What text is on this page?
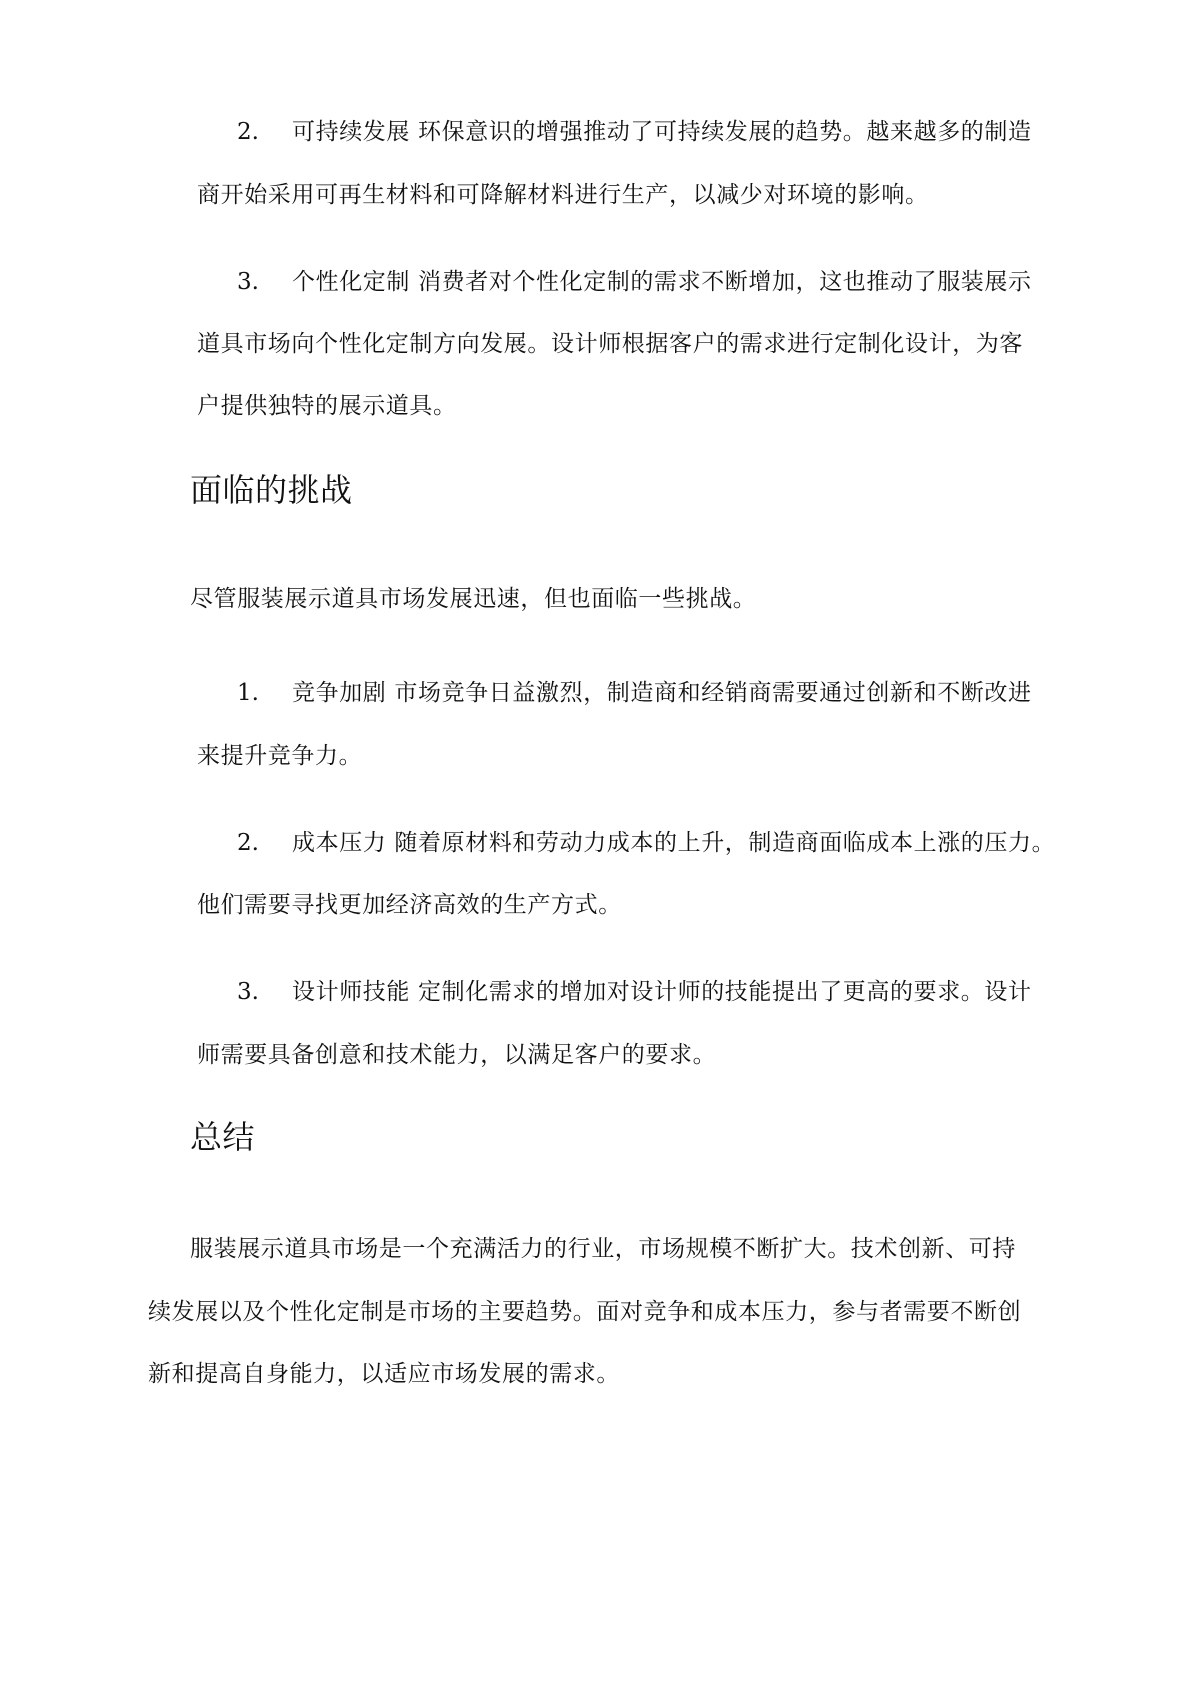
2. 可持续发展 环保意识的增强推动了可持续发展的趋势。越来越多的制造
商开始采用可再生材料和可降解材料进行生产，以减少对环境的影响。
3. 个性化定制 消费者对个性化定制的需求不断增加，这也推动了服装展示
道具市场向个性化定制方向发展。设计师根据客户的需求进行定制化设计，为客
户提供独特的展示道具。
面临的挑战

尽管服装展示道具市场发展迅速，但也面临一些挑战。

1. 竞争加剧 市场竞争日益激烈，制造商和经销商需要通过创新和不断改进
来提升竞争力。
2. 成本压力 随着原材料和劳动力成本的上升，制造商面临成本上涨的压力。
他们需要寻找更加经济高效的生产方式。
3. 设计师技能 定制化需求的增加对设计师的技能提出了更高的要求。设计
师需要具备创意和技术能力，以满足客户的要求。
总结
服装展示道具市场是一个充满活力的行业，市场规模不断扩大。技术创新、可持
续发展以及个性化定制是市场的主要趋势。面对竞争和成本压力，参与者需要不断创
新和提高自身能力，以适应市场发展的需求。
